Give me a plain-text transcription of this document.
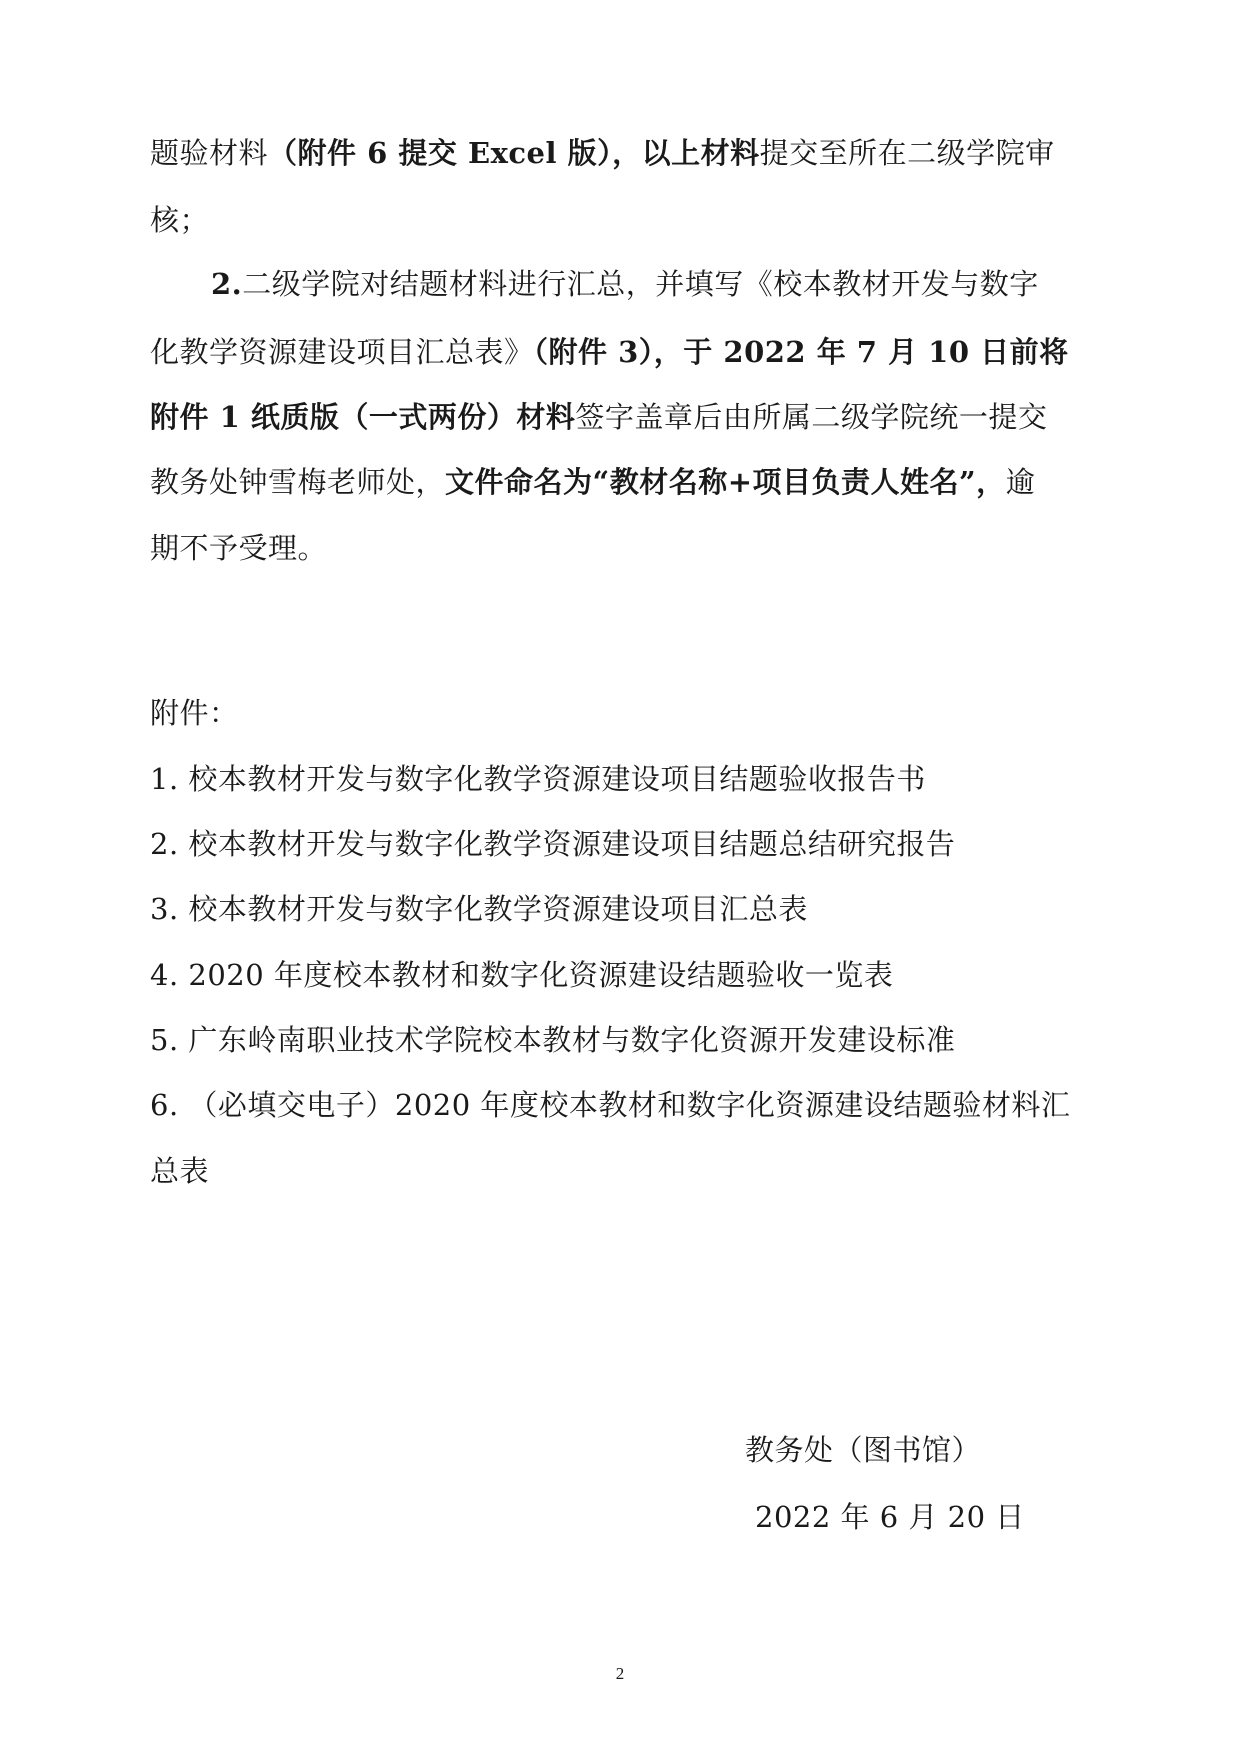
题验材料（附件 6 提交 Excel 版），以上材料提交至所在二级学院审
核；
2.二级学院对结题材料进行汇总，并填写《校本教材开发与数字
化教学资源建设项目汇总表》（附件 3），于 2022 年 7 月 10 日前将
附件 1 纸质版（一式两份）材料签字盖章后由所属二级学院统一提交
教务处钟雪梅老师处，文件命名为“教材名称+项目负责人姓名”，逾
期不予受理。
附件：
1. 校本教材开发与数字化教学资源建设项目结题验收报告书
2. 校本教材开发与数字化教学资源建设项目结题总结研究报告
3. 校本教材开发与数字化教学资源建设项目汇总表
4. 2020 年度校本教材和数字化资源建设结题验收一览表
5. 广东岭南职业技术学院校本教材与数字化资源开发建设标准
6. （必填交电子）2020 年度校本教材和数字化资源建设结题验材料汇
总表
教务处（图书馆）
2022 年 6 月 20 日
2
